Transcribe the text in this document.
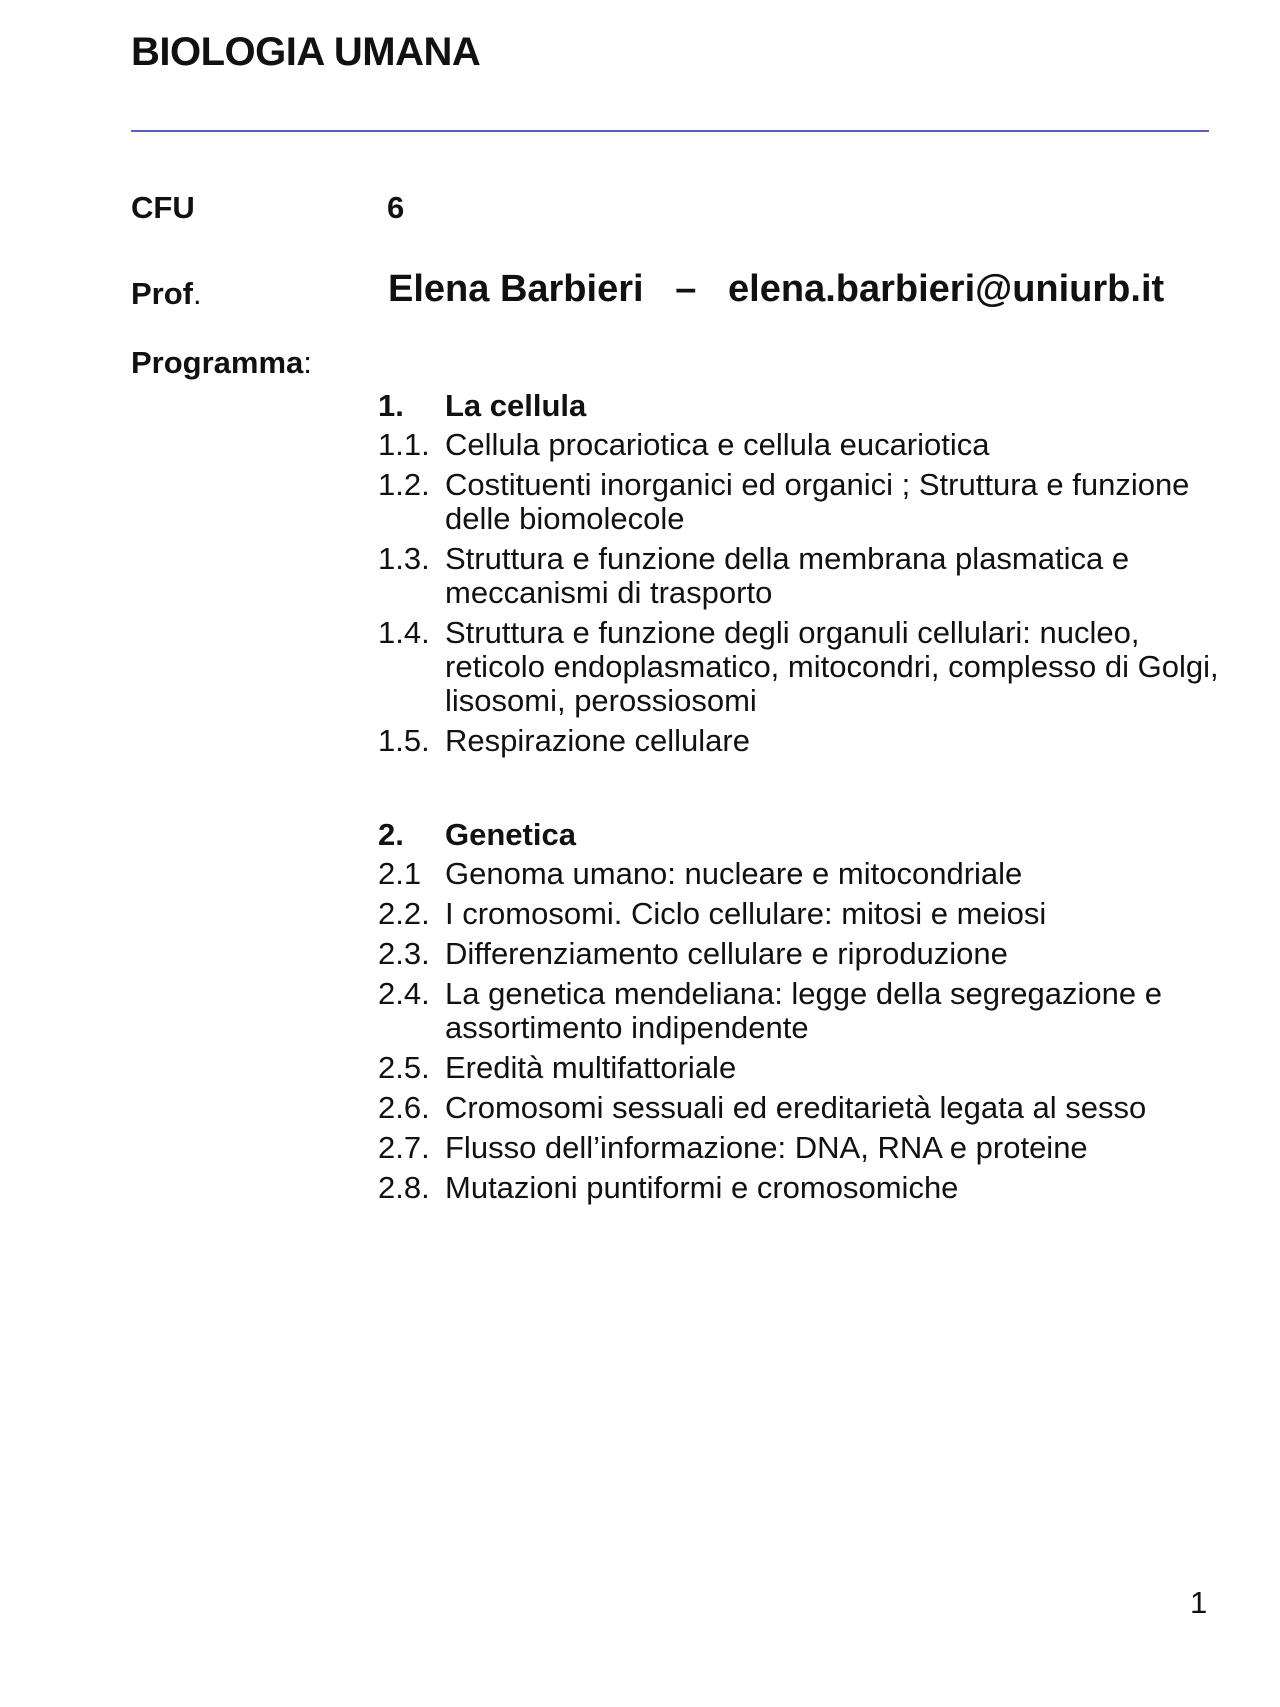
BIOLOGIA UMANA
CFU	6
Prof.	Elena Barbieri   –   elena.barbieri@uniurb.it
Programma:
1.	La cellula
1.1. Cellula procariotica e cellula eucariotica
1.2. Costituenti inorganici ed organici ; Struttura e funzione delle biomolecole
1.3. Struttura e funzione della membrana plasmatica e meccanismi di trasporto
1.4. Struttura e funzione degli organuli cellulari: nucleo, reticolo endoplasmatico, mitocondri, complesso di Golgi, lisosomi, perossiosomi
1.5. Respirazione cellulare
2.	Genetica
2.1 Genoma umano: nucleare e mitocondriale
2.2. I cromosomi. Ciclo cellulare: mitosi e meiosi
2.3. Differenziamento cellulare e riproduzione
2.4. La genetica mendeliana: legge della segregazione e assortimento indipendente
2.5. Eredità multifattoriale
2.6. Cromosomi sessuali ed ereditarietà legata al sesso
2.7. Flusso dell’informazione: DNA, RNA e proteine
2.8. Mutazioni puntiformi e cromosomiche
1
